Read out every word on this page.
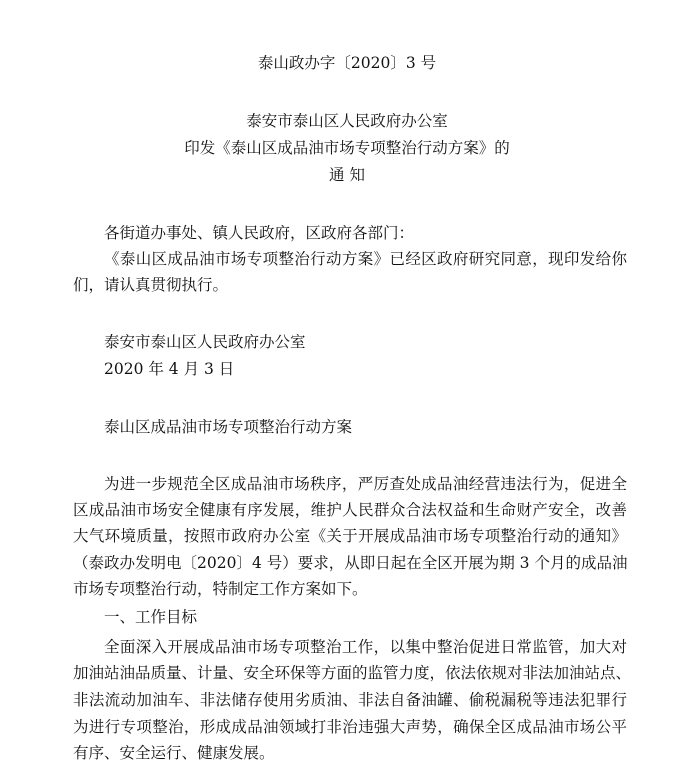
泰山政办字〔2020〕3 号
泰安市泰山区人民政府办公室
印发《泰山区成品油市场专项整治行动方案》的
通 知
各街道办事处、镇人民政府，区政府各部门：
《泰山区成品油市场专项整治行动方案》已经区政府研究同意，现印发给你
们，请认真贯彻执行。
泰安市泰山区人民政府办公室
2020 年 4 月 3 日
泰山区成品油市场专项整治行动方案
为进一步规范全区成品油市场秩序，严厉查处成品油经营违法行为，促进全
区成品油市场安全健康有序发展，维护人民群众合法权益和生命财产安全，改善
大气环境质量，按照市政府办公室《关于开展成品油市场专项整治行动的通知》
（泰政办发明电〔2020〕4 号）要求，从即日起在全区开展为期 3 个月的成品油
市场专项整治行动，特制定工作方案如下。
一、工作目标
全面深入开展成品油市场专项整治工作，以集中整治促进日常监管，加大对
加油站油品质量、计量、安全环保等方面的监管力度，依法依规对非法加油站点、
非法流动加油车、非法储存使用劣质油、非法自备油罐、偷税漏税等违法犯罪行
为进行专项整治，形成成品油领域打非治违强大声势，确保全区成品油市场公平
有序、安全运行、健康发展。
